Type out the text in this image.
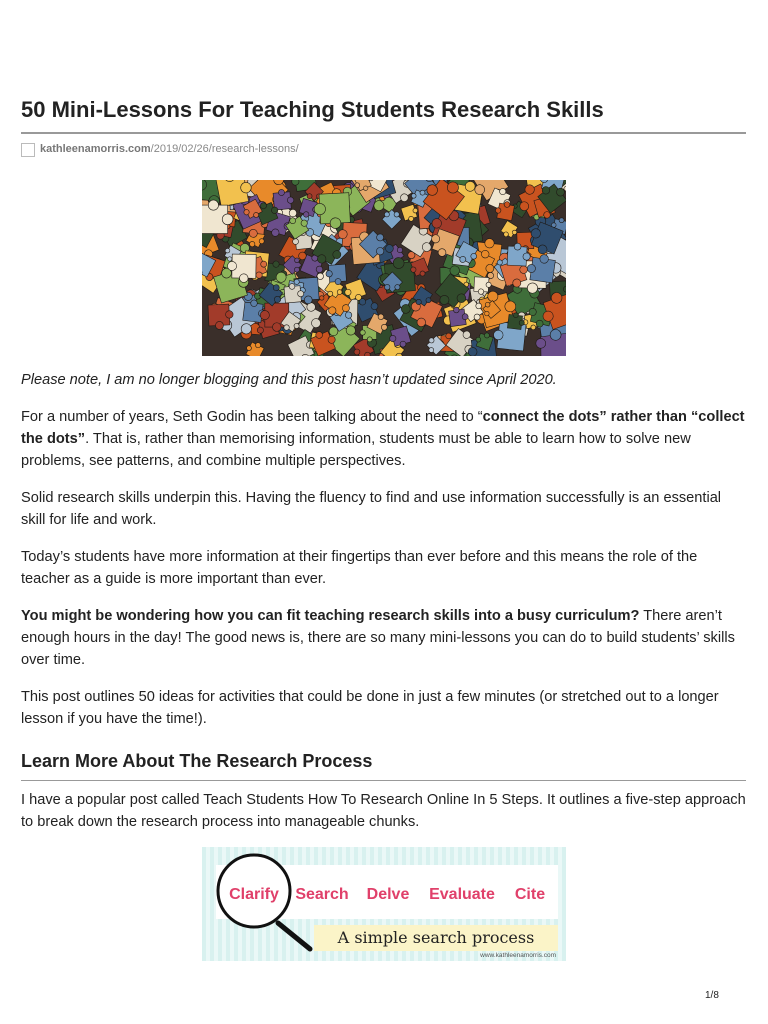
50 Mini-Lessons For Teaching Students Research Skills
kathleenamorris.com /2019/02/26/research-lessons/

Please note, I am no longer blogging and this post hasn’t updated since April 2020.

For a number of years, Seth Godin has been talking about the need to “connect the dots” rather than “collect the dots”. That is, rather than memorising information, students must be able to learn how to solve new problems, see patterns, and combine multiple perspectives.

Solid research skills underpin this. Having the fluency to find and use information successfully is an essential skill for life and work.

Today’s students have more information at their fingertips than ever before and this means the role of the teacher as a guide is more important than ever.

You might be wondering how you can fit teaching research skills into a busy curriculum? There aren’t enough hours in the day! The good news is, there are so many mini-lessons you can do to build students’ skills over time.

This post outlines 50 ideas for activities that could be done in just a few minutes (or stretched out to a longer lesson if you have the time!).

Learn More About The Research Process

I have a popular post called Teach Students How To Research Online In 5 Steps. It outlines a five-step approach to break down the research process into manageable chunks.

Clarify Search Delve Evaluate Cite
A simple search process
www.kathleenamorris.com
1/8
